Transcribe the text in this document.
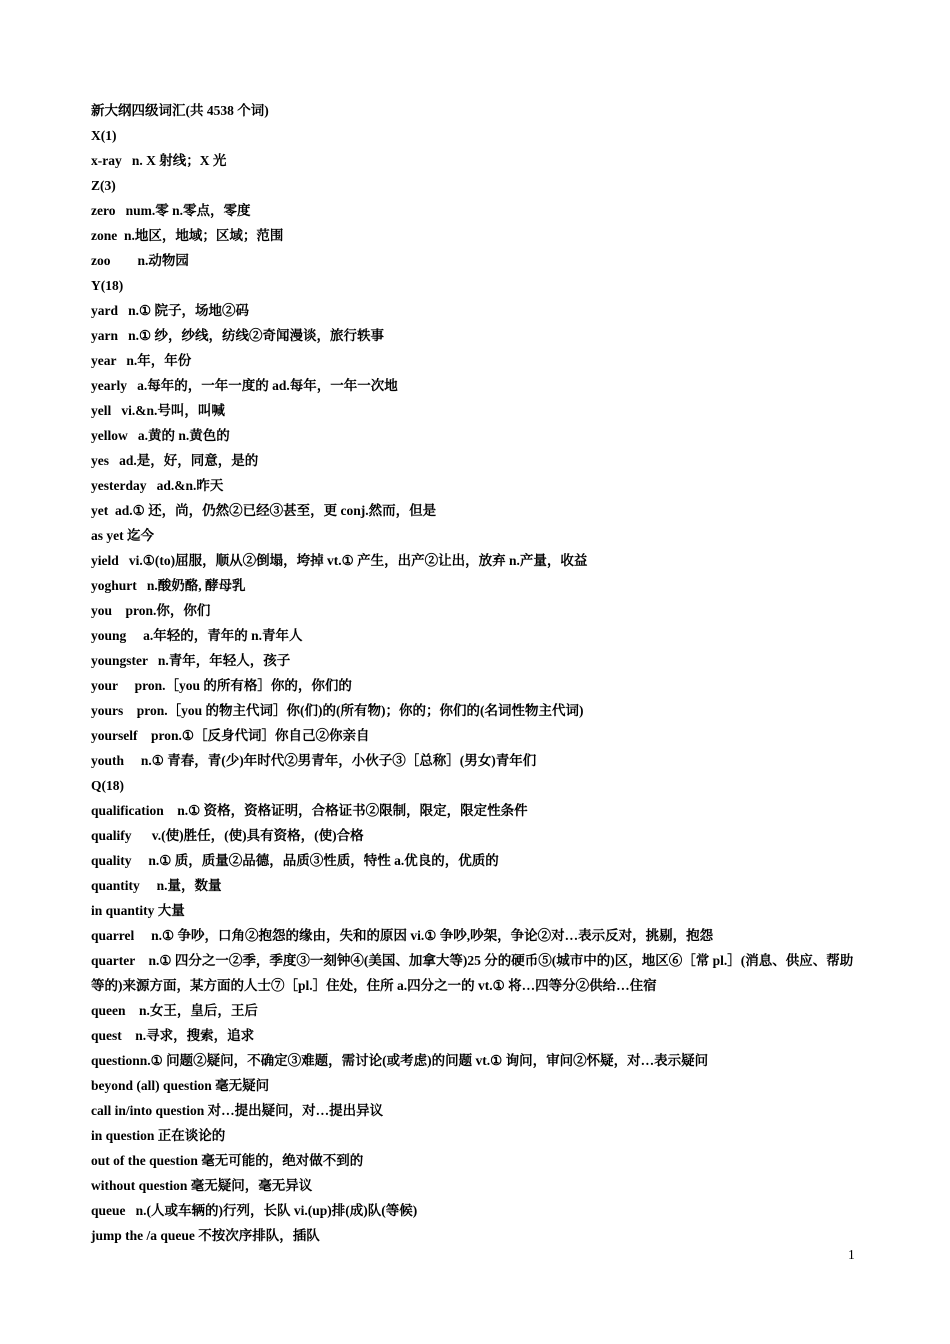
新大纲四级词汇(共 4538 个词)
X(1)
x-ray   n. X 射线；X 光
Z(3)
zero   num.零 n.零点，零度
zone  n.地区，地域；区域；范围
zoo        n.动物园
Y(18)
yard   n.① 院子，场地②码
yarn   n.① 纱，纱线，纺线②奇闻漫谈，旅行轶事
year   n.年，年份
yearly   a.每年的，一年一度的 ad.每年，一年一次地
yell   vi.&n.号叫，叫喊
yellow   a.黄的 n.黄色的
yes   ad.是，好，同意，是的
yesterday   ad.&n.昨天
yet  ad.① 还，尚，仍然②已经③甚至，更 conj.然而，但是
as yet 迄今
yield   vi.①(to)屈服，顺从②倒塌，垮掉 vt.① 产生，出产②让出，放弃 n.产量，收益
yoghurt   n.酸奶酪, 酵母乳
you    pron.你，你们
young     a.年轻的，青年的 n.青年人
youngster   n.青年，年轻人，孩子
your     pron.［you 的所有格］你的，你们的
yours    pron.［you 的物主代词］你(们)的(所有物)；你的；你们的(名词性物主代词)
yourself    pron.①［反身代词］你自己②你亲自
youth     n.① 青春，青(少)年时代②男青年，小伙子③［总称］(男女)青年们
Q(18)
qualification    n.① 资格，资格证明，合格证书②限制，限定，限定性条件
qualify      v.(使)胜任，(使)具有资格，(使)合格
quality     n.① 质，质量②品德，品质③性质，特性 a.优良的，优质的
quantity     n.量，数量
in quantity 大量
quarrel     n.① 争吵，口角②抱怨的缘由，失和的原因 vi.① 争吵,吵架，争论②对…表示反对，挑剔，抱怨
quarter    n.① 四分之一②季，季度③一刻钟④(美国、加拿大等)25 分的硬币⑤(城市中的)区，地区⑥［常 pl.］(消息、供应、帮助等的)来源方面，某方面的人士⑦［pl.］住处，住所 a.四分之一的 vt.① 将…四等分②供给…住宿
queen    n.女王，皇后，王后
quest    n.寻求，搜索，追求
questionn.① 问题②疑问，不确定③难题，需讨论(或考虑)的问题 vt.① 询问，审问②怀疑，对…表示疑问
beyond (all) question 毫无疑问
call in/into question 对…提出疑问，对…提出异议
in question 正在谈论的
out of the question 毫无可能的，绝对做不到的
without question 毫无疑问，毫无异议
queue   n.(人或车辆的)行列，长队 vi.(up)排(成)队(等候)
jump the /a queue 不按次序排队，插队
1
